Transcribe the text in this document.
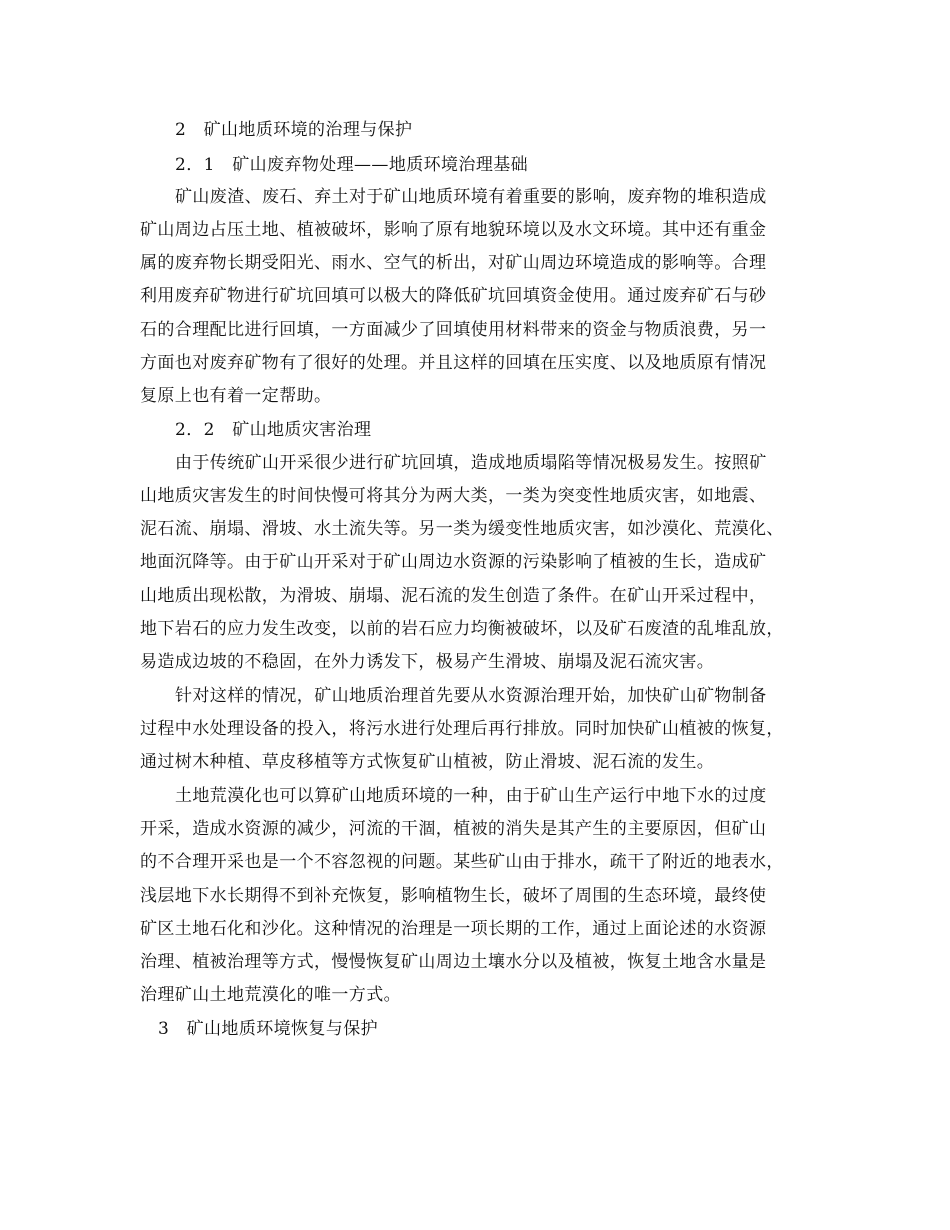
2　矿山地质环境的治理与保护
2．1　矿山废弃物处理——地质环境治理基础
矿山废渣、废石、弃土对于矿山地质环境有着重要的影响，废弃物的堆积造成
矿山周边占压土地、植被破坏，影响了原有地貌环境以及水文环境。其中还有重金
属的废弃物长期受阳光、雨水、空气的析出，对矿山周边环境造成的影响等。合理
利用废弃矿物进行矿坑回填可以极大的降低矿坑回填资金使用。通过废弃矿石与砂
石的合理配比进行回填，一方面减少了回填使用材料带来的资金与物质浪费，另一
方面也对废弃矿物有了很好的处理。并且这样的回填在压实度、以及地质原有情况
复原上也有着一定帮助。
2．2　矿山地质灾害治理
由于传统矿山开采很少进行矿坑回填，造成地质塌陷等情况极易发生。按照矿
山地质灾害发生的时间快慢可将其分为两大类，一类为突变性地质灾害，如地震、
泥石流、崩塌、滑坡、水土流失等。另一类为缓变性地质灾害，如沙漠化、荒漠化、
地面沉降等。由于矿山开采对于矿山周边水资源的污染影响了植被的生长，造成矿
山地质出现松散，为滑坡、崩塌、泥石流的发生创造了条件。在矿山开采过程中，
地下岩石的应力发生改变，以前的岩石应力均衡被破坏，以及矿石废渣的乱堆乱放，
易造成边坡的不稳固，在外力诱发下，极易产生滑坡、崩塌及泥石流灾害。
针对这样的情况，矿山地质治理首先要从水资源治理开始，加快矿山矿物制备
过程中水处理设备的投入，将污水进行处理后再行排放。同时加快矿山植被的恢复，
通过树木种植、草皮移植等方式恢复矿山植被，防止滑坡、泥石流的发生。
土地荒漠化也可以算矿山地质环境的一种，由于矿山生产运行中地下水的过度
开采，造成水资源的减少，河流的干涸，植被的消失是其产生的主要原因，但矿山
的不合理开采也是一个不容忽视的问题。某些矿山由于排水，疏干了附近的地表水，
浅层地下水长期得不到补充恢复，影响植物生长，破坏了周围的生态环境，最终使
矿区土地石化和沙化。这种情况的治理是一项长期的工作，通过上面论述的水资源
治理、植被治理等方式，慢慢恢复矿山周边土壤水分以及植被，恢复土地含水量是
治理矿山土地荒漠化的唯一方式。
3　矿山地质环境恢复与保护
